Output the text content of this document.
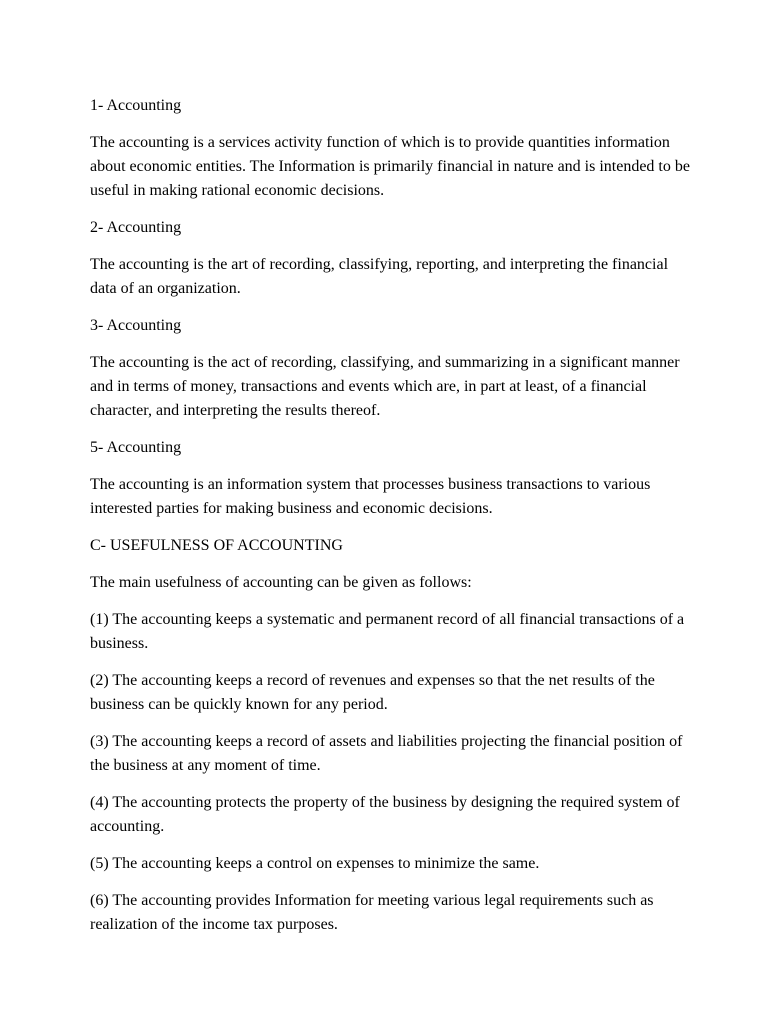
1- Accounting

The accounting is a services activity function of which is to provide quantities information about economic entities. The Information is primarily financial in nature and is intended to be useful in making rational economic decisions.

2- Accounting

The accounting is the art of recording, classifying, reporting, and interpreting the financial data of an organization.

3- Accounting

The accounting is the act of recording, classifying, and summarizing in a significant manner and in terms of money, transactions and events which are, in part at least, of a financial character, and interpreting the results thereof.

5- Accounting

The accounting is an information system that processes business transactions to various interested parties for making business and economic decisions.

C- USEFULNESS OF ACCOUNTING

The main usefulness of accounting can be given as follows:

(1) The accounting keeps a systematic and permanent record of all financial transactions of a business.

(2) The accounting keeps a record of revenues and expenses so that the net results of the business can be quickly known for any period.

(3) The accounting keeps a record of assets and liabilities projecting the financial position of the business at any moment of time.

(4) The accounting protects the property of the business by designing the required system of accounting.

(5) The accounting keeps a control on expenses to minimize the same.

(6) The accounting provides Information for meeting various legal requirements such as realization of the income tax purposes.
